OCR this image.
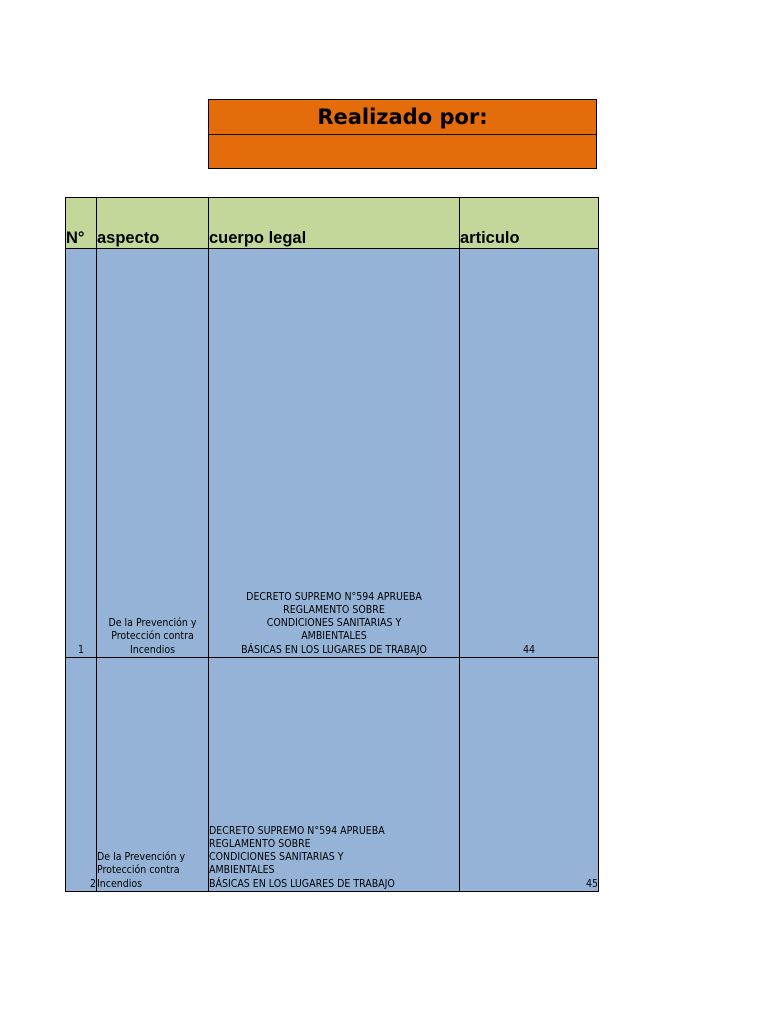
Realizado por:
N°	aspecto	cuerpo legal	articulo
1	De la Prevención y
Protección contra
Incendios	DECRETO SUPREMO N°594 APRUEBA
REGLAMENTO SOBRE
CONDICIONES SANITARIAS Y
AMBIENTALES
BÁSICAS EN LOS LUGARES DE TRABAJO	44
2	De la Prevención y
Protección contra
Incendios	DECRETO SUPREMO N°594 APRUEBA
REGLAMENTO SOBRE
CONDICIONES SANITARIAS Y
AMBIENTALES
BÁSICAS EN LOS LUGARES DE TRABAJO	45
